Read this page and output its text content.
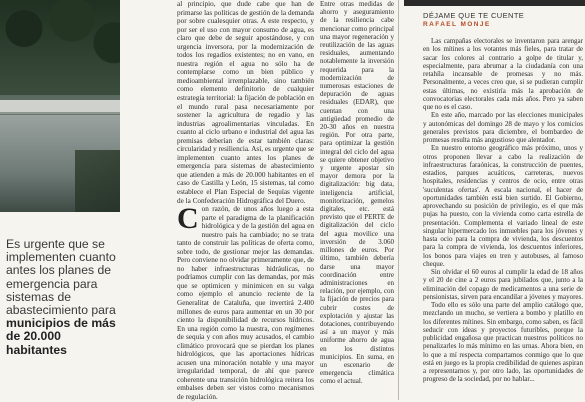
Es urgente que se implementen cuanto antes los planes de emergencia para sistemas de abastecimiento para municipios de más de 20.000 habitantes

al principio, que dude cabe que han de primarse las políticas de gestión de la demanda por sobre cualesquier otras. A este respecto, y por ser el uso con mayor consumo de agua, es claro que debe de seguir apostándose, y con urgencia inversora, por la modernización de todos los regadíos existentes; no en vano, en nuestra región el agua no sólo ha de contemplarse como un bien público y medioambiental irremplazable, sino también como elemento definitorio de cualquier estrategia territorial: la fijación de población en el mundo rural pasa necesariamente por sostener la agricultura de regadío y las industrias agroalimentarias vinculadas. En cuanto al ciclo urbano e industrial del agua las premisas deberían de estar también claras: circularidad y resiliencia. Así, es urgente que se implementen cuanto antes los planes de emergencia para sistemas de abastecimiento que atienden a más de 20.000 habitantes en el caso de Castilla y León, 15 sistemas, tal como establece el Plan Especial de Sequías vigente de la Confederación Hidrográfica del Duero.

C on razón, de unos años luego a esta parte el paradigma de la planificación hidrológica y de la gestión del agua en nuestro país ha cambiado; no se trata tanto de construir las políticas de oferta como, sobre todo, de gestionar mejor las demandas. Pero conviene no olvidar primeramente que, de no haber infraestructuras hidráulicas, no podríamos cumplir con las demandas, por más que se optimicen y minimicen en su valga como ejemplo el anuncio reciente de la Generalitat de Cataluña, que invertirá 2.400 millones de euros para aumentar en un 30 por ciento la disponibilidad de recursos hídricos. En una región como la nuestra, con regímenes de sequía y con años muy acusados, el cambio climático provocará que se pierdan los planes hidrológicos, que las aportaciones hídricas acusen una minoración notable y una mayor irregularidad temporal, de ahí que parece coherente una transición hidrológica reitera los embalses deben ser vistos como mecanismos de regulación.

Entre otras medidas de ahorro y aseguramiento de la resiliencia cabe mencionar como principal una mayor regeneración y reutilización de las aguas residuales, aumentando notablemente la inversión requerida para la modernización de numerosas estaciones de depuración de aguas residuales (EDAR), que cuentan con una antigüedad promedio de 20-30 años en nuestra región. Por otra parte, para optimizar la gestión integral del ciclo del agua se quiere obtener objetivo y urgente apostar sin mayor demora por la digitalización: big data, inteligencia artificial, monitorización, gemelos digitales, etc. está previsto que el PERTE de digitalización del ciclo del agua movilice una inversión de 3.060 millones de euros. Por último, también debería darse una mayor coordinación entre administraciones en relación, por ejemplo, con la fijación de precios para cubrir costes de explotación y ajustar las dotaciones, contribuyendo así a un mayor y más uniforme ahorro de agua en los distintos municipios. En suma, en un escenario de emergencia climática como el actual.

DÉJAME QUE TE CUENTE
RAFAEL MONJE

Las campañas electorales se inventaron para arengar en los mítines a los votantes más fieles, para tratar de sacar los colores al contrario a golpe de titular y, especialmente, para abrumar a la ciudadanía con una retahíla incansable de promesas y no más. Personalmente, a veces creo que, si se pudieran cumplir estas últimas, no existiría más la aprobación de convocatorias electorales cada más años. Pero ya saben que no es el caso.

En este año, marcado por las elecciones municipales y autonómicas del domingo 28 de mayo y los comicios generales previstos para diciembre, el bombardeo de promesas resulta más angustioso que alentador.

En nuestro entorno geográfico más próximo, unos y otros proponen llevar a cabo la realización de infraestructuras faraónicas, la construcción de puentes, estadios, parques acuáticos, carreteras, nuevos hospitales, residencias y centros de ocio, entre otras 'suculentas ofertas'. A escala nacional, el hacer de oportunidades también está bien surtido. El Gobierno, aprovechando su posición de privilegio, es el que más pujas ha puesto, con la vivienda como carta estrella de presentación. Complementa el variado lineal de este singular hipermercado los inmuebles para los jóvenes y hasta ocio para la compra de vivienda, los descuentos para la compra de vivienda, los descuentos inferiores, los bonos para viajes en tren y autobuses, al famoso cheque.

Sin olvidar el 60 euros al cumplir la edad de 18 años y el 20 de cine a 2 euros para jubilados que, junto a la eliminación del copago de medicamentos a una serie de pensionistas, sirven para encandilar a jóvenes y mayores.

Todo ello es sólo una parte del amplio catálogo que, mezclando un mucho, se vertiera a bombo y platillo en los diferentes mítines. Sin embargo, como saben, es fácil seducir con ideas y proyectos futuribles, porque la publicidad engañosa que practican nuestros políticos no penalizarles lo más mínimo en las urnas. Ahora bien, en lo que a mí respecta compartamos conmigo que lo que está en juego es la propia credibilidad de quienes aspiran a representarnos y, por otro lado, las oportunidades de progreso de la sociedad, por no hablar...
